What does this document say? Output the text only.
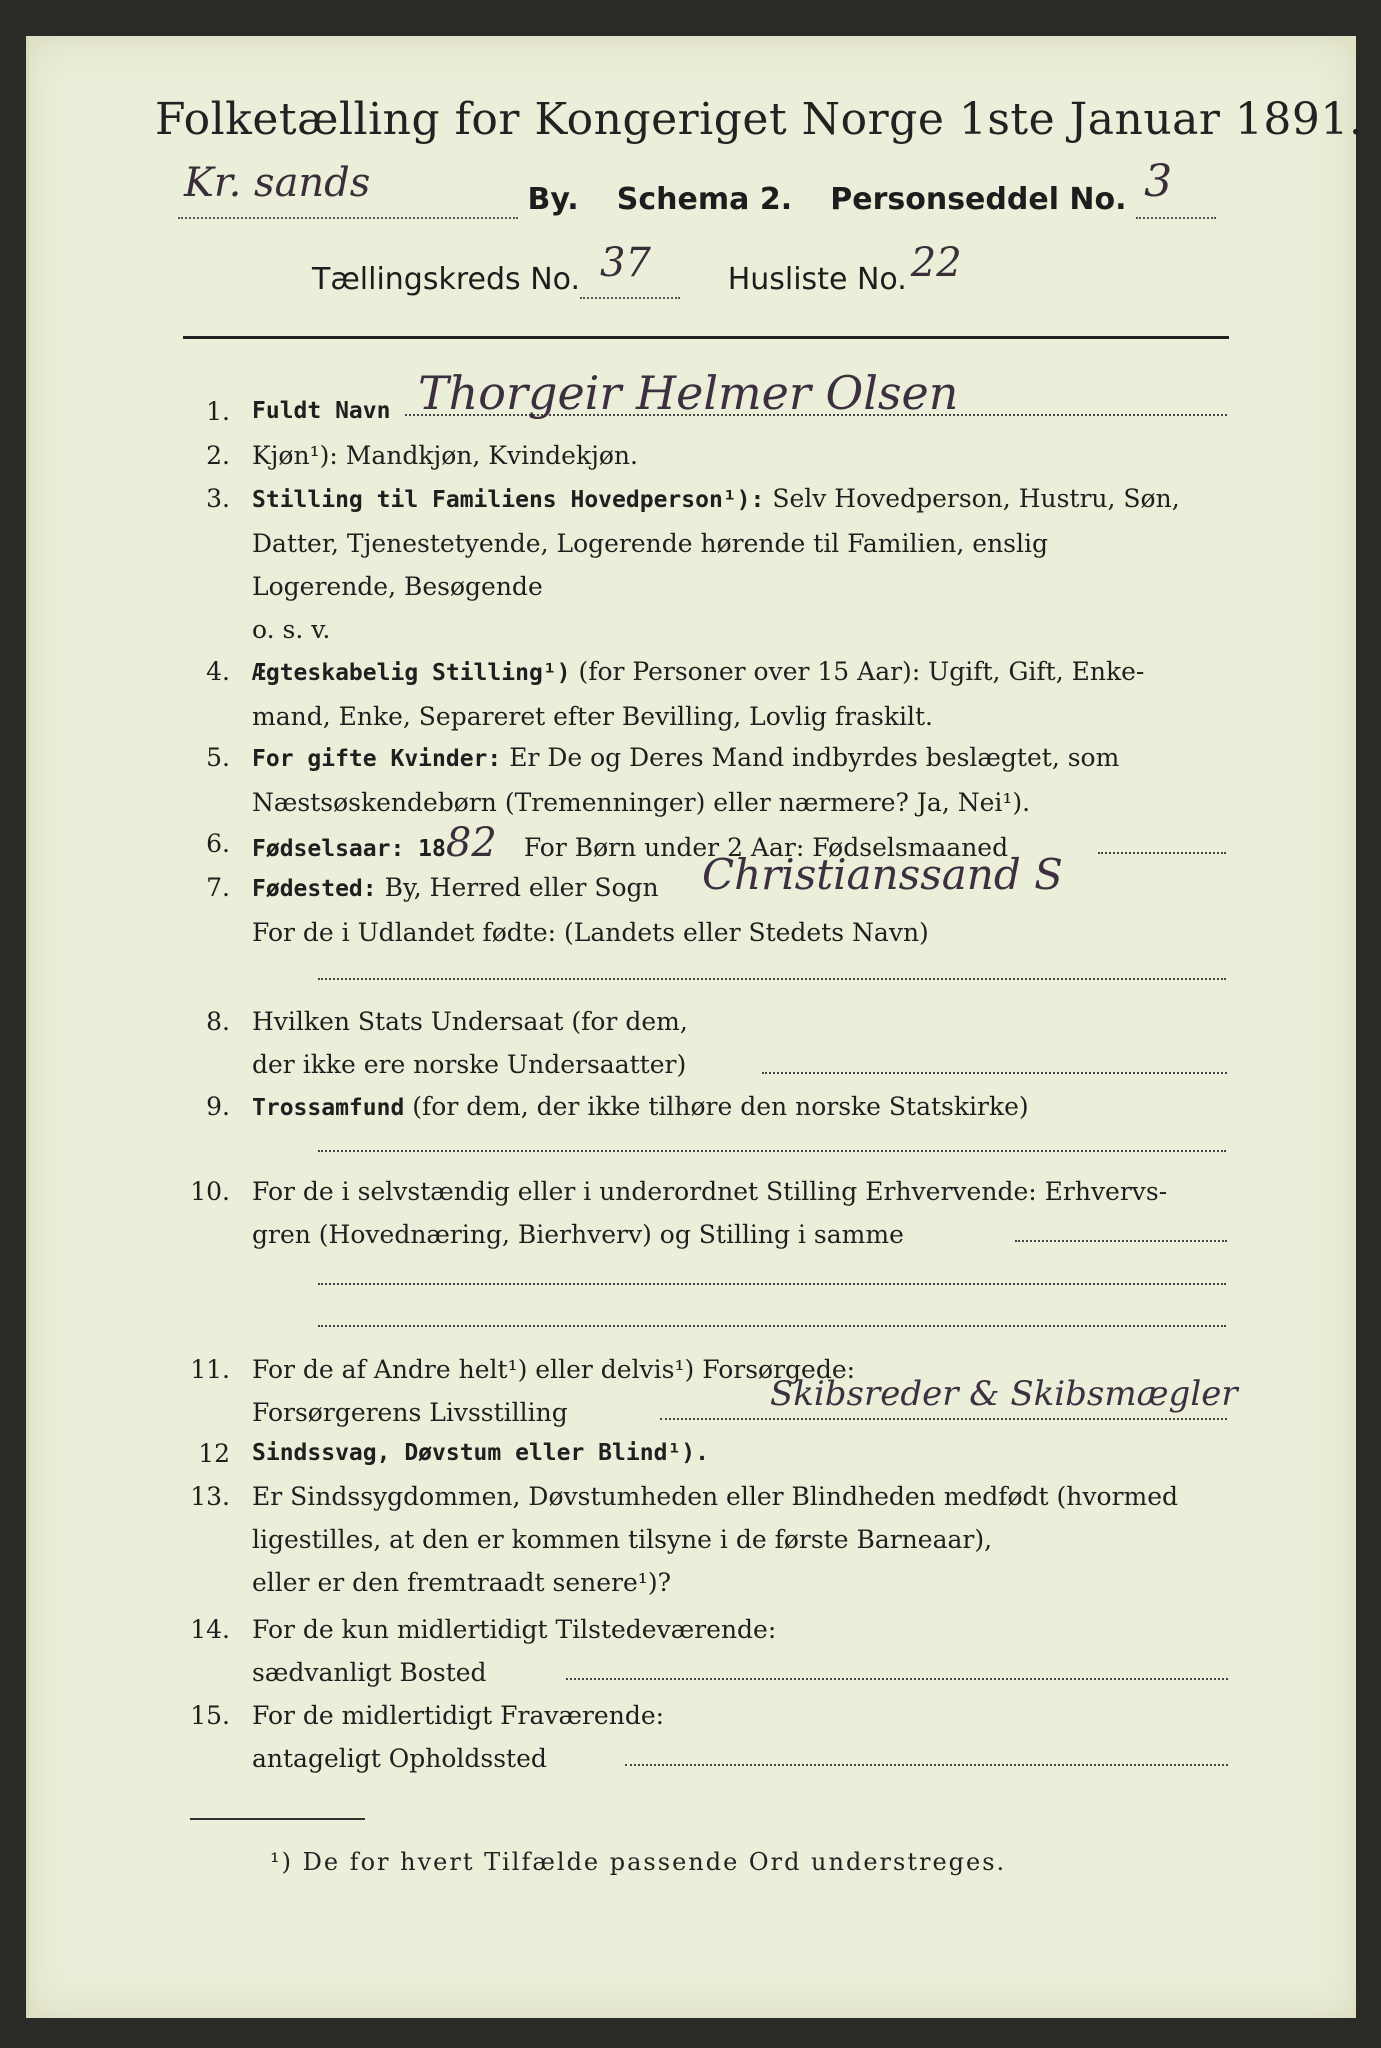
Folketælling for Kongeriget Norge 1ste Januar 1891.
Kr. sands	By. Schema 2. Personseddel No. 3

Tællingskreds No. 37	Husliste No. 22

1. Fuldt Navn Thorgeir Helmer Olsen
2. Kjøn¹): Mandkjøn, Kvindekjøn.
3. Stilling til Familiens Hovedperson¹): Selv Hovedperson, Hustru, Søn,
Datter, Tjenestetyende, Logerende hørende til Familien, enslig
Logerende, Besøgende
o. s. v.
4. Ægteskabelig Stilling¹) (for Personer over 15 Aar): Ugift, Gift, Enke-
mand, Enke, Separeret efter Bevilling, Lovlig fraskilt.
5. For gifte Kvinder: Er De og Deres Mand indbyrdes beslægtet, som
Næstsøskendebørn (Tremenninger) eller nærmere? Ja, Nei¹).
6. Fødselsaar: 1882 For Børn under 2 Aar: Fødselsmaaned
7. Fødested: By, Herred eller Sogn
For de i Udlandet fødte: (Landets eller Stedets Navn)
Christianssand S
8. Hvilken Stats Undersaat (for dem,
der ikke ere norske Undersaatter)
9. Trossamfund (for dem, der ikke tilhøre den norske Statskirke)
10. For de i selvstændig eller i underordnet Stilling Erhvervende: Erhvervs-
gren (Hovednæring, Bierhverv) og Stilling i samme
11. For de af Andre helt¹) eller delvis¹) Forsørgede:
Forsørgerens Livsstilling	Skibsreder & Skibsmægler
12 Sindssvag, Døvstum eller Blind¹).
13. Er Sindssygdommen, Døvstumheden eller Blindheden medfødt (hvormed
ligestilles, at den er kommen tilsyne i de første Barneaar),
eller er den fremtraadt senere¹)?
14. For de kun midlertidigt Tilstedeværende:
sædvanligt Bosted
15. For de midlertidigt Fraværende:
antageligt Opholdssted
¹) De for hvert Tilfælde passende Ord understreges.
